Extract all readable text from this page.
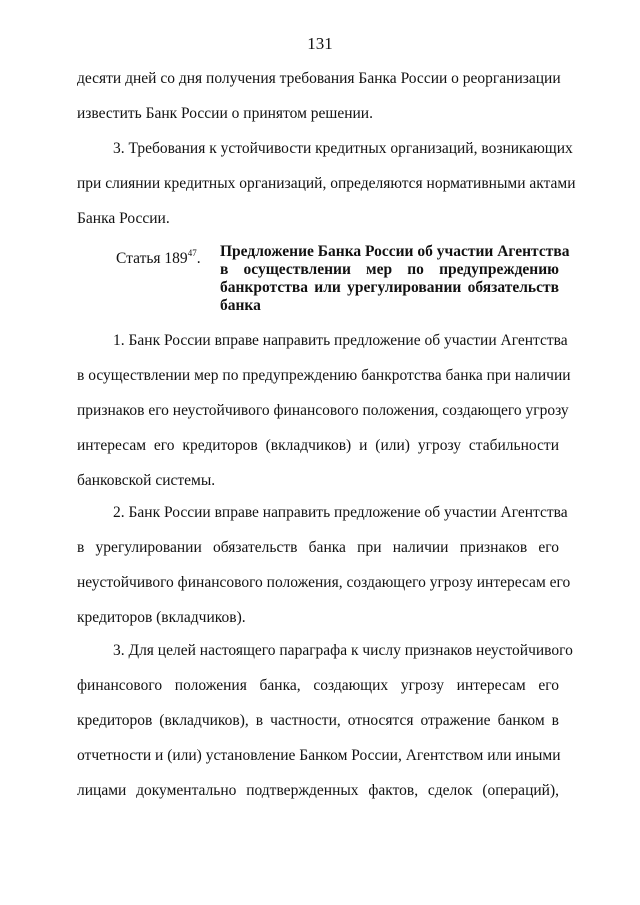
131
десяти дней со дня получения требования Банка России о реорганизации
известить Банк России о принятом решении.
3. Требования к устойчивости кредитных организаций, возникающих
при слиянии кредитных организаций, определяются нормативными актами
Банка России.
Статья $189^{47}$. Предложение Банка России об участии Агентства
в осуществлении мер по предупреждению
банкротства или урегулировании обязательств
банка
1. Банк России вправе направить предложение об участии Агентства
в осуществлении мер по предупреждению банкротства банка при наличии
признаков его неустойчивого финансового положения, создающего угрозу
интересам его кредиторов (вкладчиков) и (или) угрозу стабильности
банковской системы.
2. Банк России вправе направить предложение об участии Агентства
в урегулировании обязательств банка при наличии признаков его
неустойчивого финансового положения, создающего угрозу интересам его
кредиторов (вкладчиков).
3. Для целей настоящего параграфа к числу признаков неустойчивого
финансового положения банка, создающих угрозу интересам его
кредиторов (вкладчиков), в частности, относятся отражение банком в
отчетности и (или) установление Банком России, Агентством или иными
лицами документально подтвержденных фактов, сделок (операций),
